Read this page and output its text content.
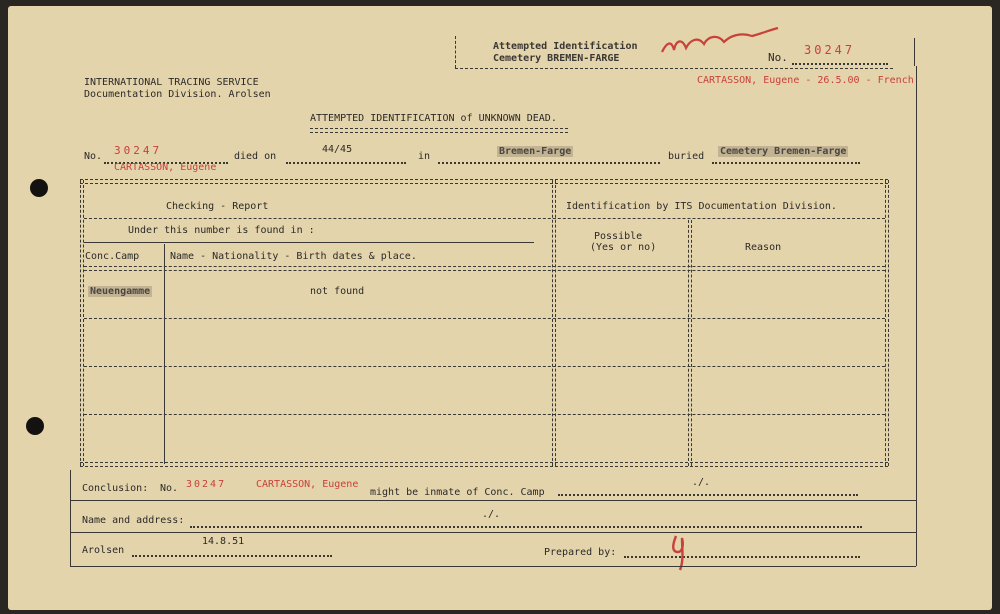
Attempted Identification
Cemetery BREMEN-FARGE	No.
30247
CARTASSON, Eugene - 26.5.00 - French
INTERNATIONAL TRACING SERVICE
Documentation Division. Arolsen
ATTEMPTED IDENTIFICATION of UNKNOWN DEAD.
No. 30247	died on
44/45
in	Bremen-Farge	buried Cemetery Bremen-Farge
CARTASSON, Eugene
Checking - Report	Identification by ITS Documentation Division.
Under this number is found in :
Conc.Camp	Name - Nationality - Birth dates & place.
Possible
(Yes or no)	Reason
Neuengamme	not found
Conclusion: No. 30247	CARTASSON, Eugene
might be inmate of Conc. Camp
./.
Name and address:
./.
Arolsen
14.8.51
Prepared by:
